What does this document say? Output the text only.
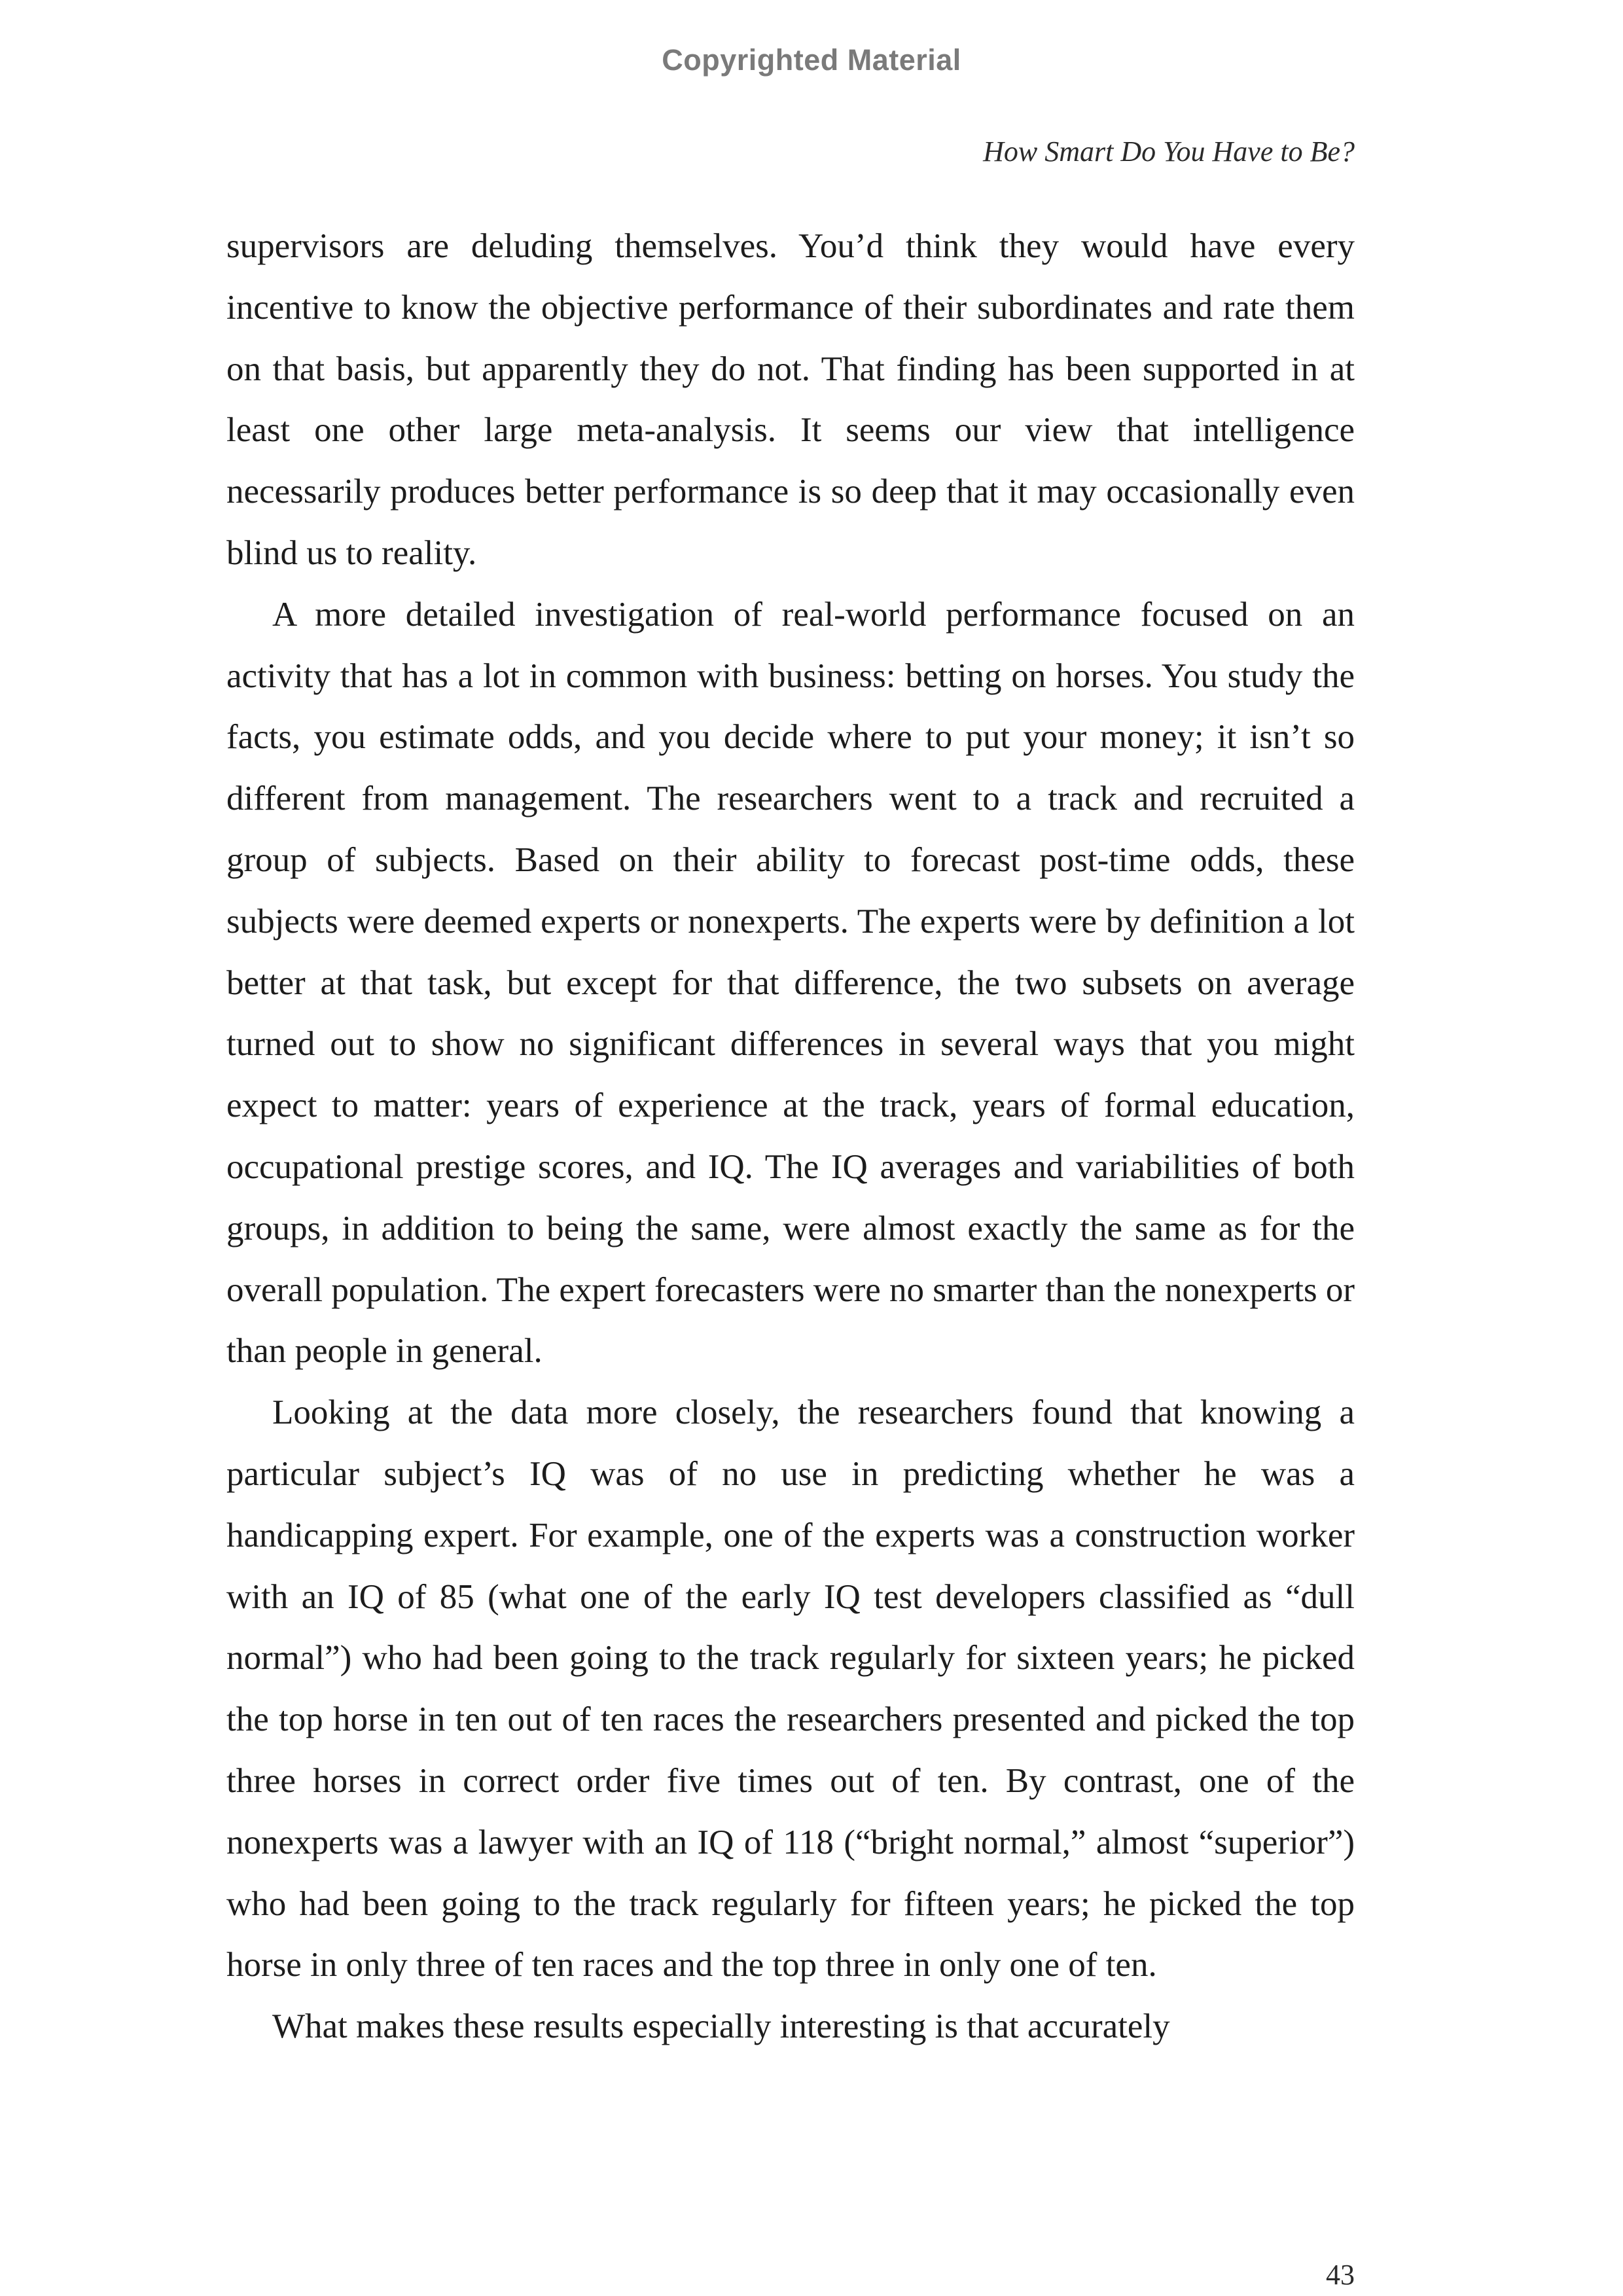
Copyrighted Material
How Smart Do You Have to Be?

supervisors are deluding themselves. You’d think they would have every incentive to know the objective performance of their subordinates and rate them on that basis, but apparently they do not. That finding has been supported in at least one other large meta-analysis. It seems our view that intelligence necessarily produces better performance is so deep that it may occasionally even blind us to reality.

A more detailed investigation of real-world performance focused on an activity that has a lot in common with business: betting on horses. You study the facts, you estimate odds, and you decide where to put your money; it isn’t so different from management. The researchers went to a track and recruited a group of subjects. Based on their ability to forecast post-time odds, these subjects were deemed experts or nonexperts. The experts were by definition a lot better at that task, but except for that difference, the two subsets on average turned out to show no significant differences in several ways that you might expect to matter: years of experience at the track, years of formal education, occupational prestige scores, and IQ. The IQ averages and variabilities of both groups, in addition to being the same, were almost exactly the same as for the overall population. The expert forecasters were no smarter than the nonexperts or than people in general.

Looking at the data more closely, the researchers found that knowing a particular subject’s IQ was of no use in predicting whether he was a handicapping expert. For example, one of the experts was a construction worker with an IQ of 85 (what one of the early IQ test developers classified as “dull normal”) who had been going to the track regularly for sixteen years; he picked the top horse in ten out of ten races the researchers presented and picked the top three horses in correct order five times out of ten. By contrast, one of the nonexperts was a lawyer with an IQ of 118 (“bright normal,” almost “superior”) who had been going to the track regularly for fifteen years; he picked the top horse in only three of ten races and the top three in only one of ten.

What makes these results especially interesting is that accurately

43
